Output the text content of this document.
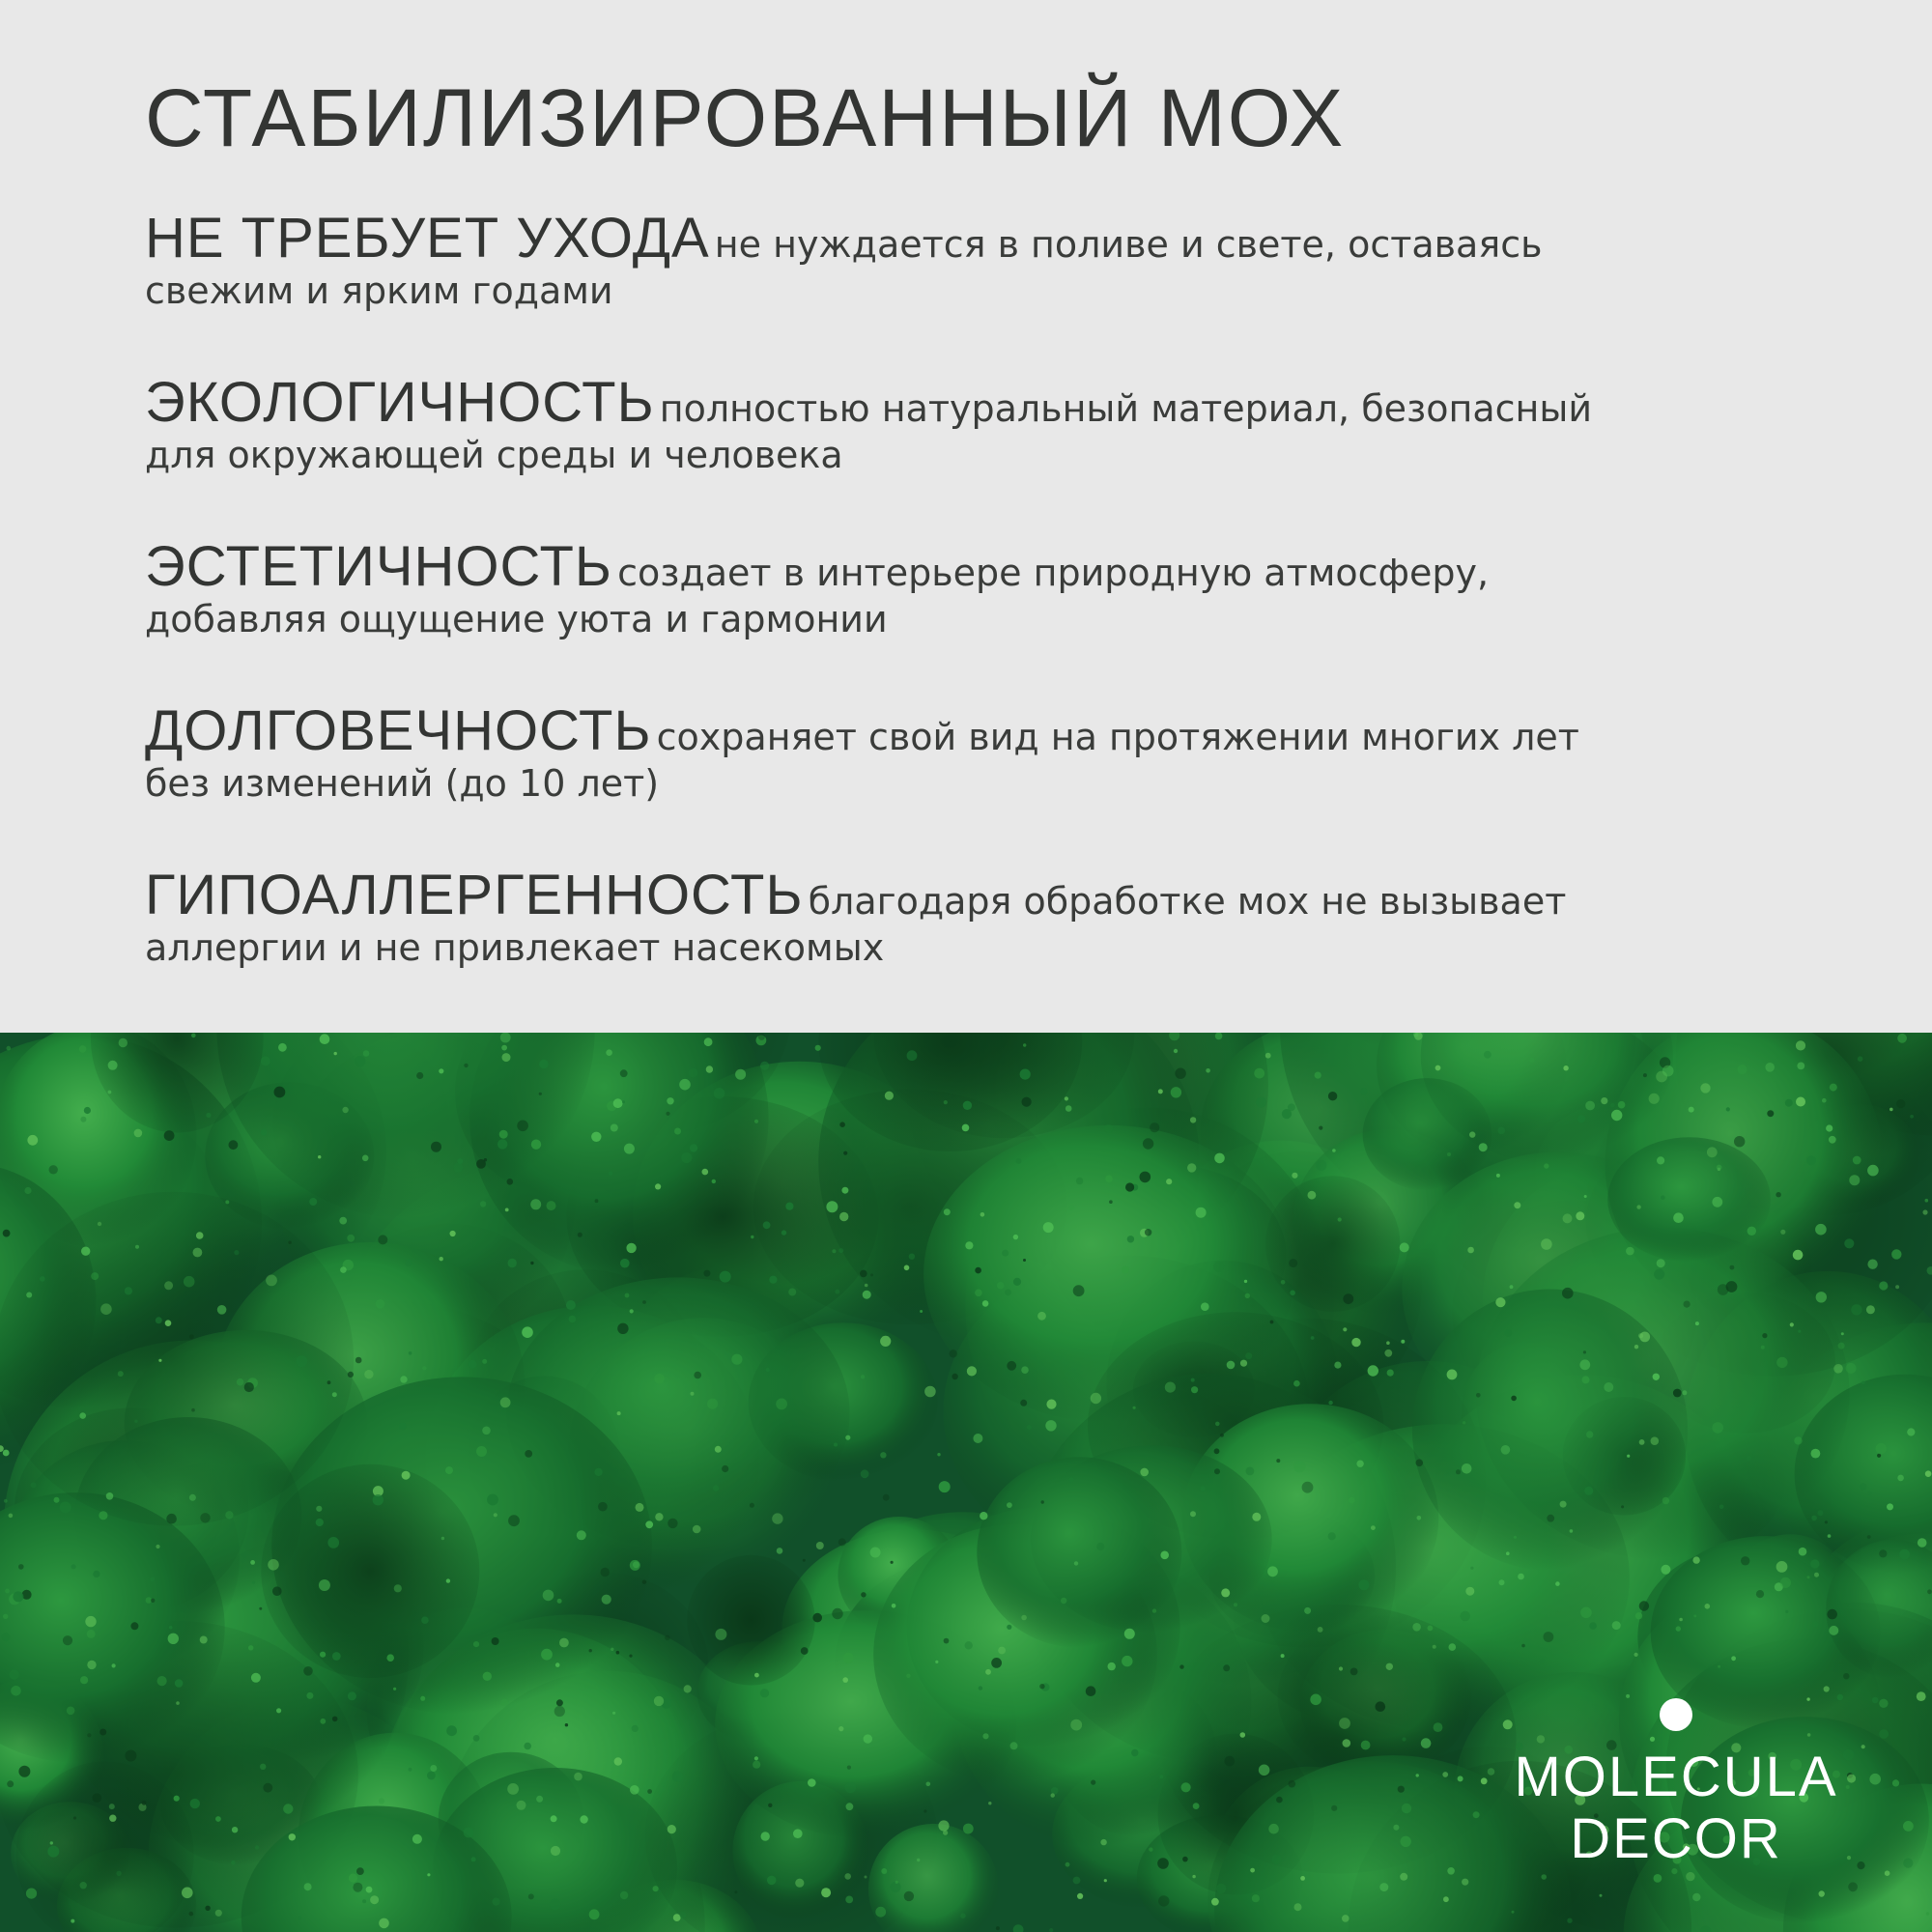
СТАБИЛИЗИРОВАННЫЙ МОХ
НЕ ТРЕБУЕТ УХОДА не нуждается в поливе и свете, оставаясь
свежим и ярким годами
ЭКОЛОГИЧНОСТЬ полностью натуральный материал, безопасный
для окружающей среды и человека
ЭСТЕТИЧНОСТЬ создает в интерьере природную атмосферу,
добавляя ощущение уюта и гармонии
ДОЛГОВЕЧНОСТЬ сохраняет свой вид на протяжении многих лет
без изменений (до 10 лет)
ГИПОАЛЛЕРГЕННОСТЬ благодаря обработке мох не вызывает
аллергии и не привлекает насекомых
MOLECULA
DECOR
